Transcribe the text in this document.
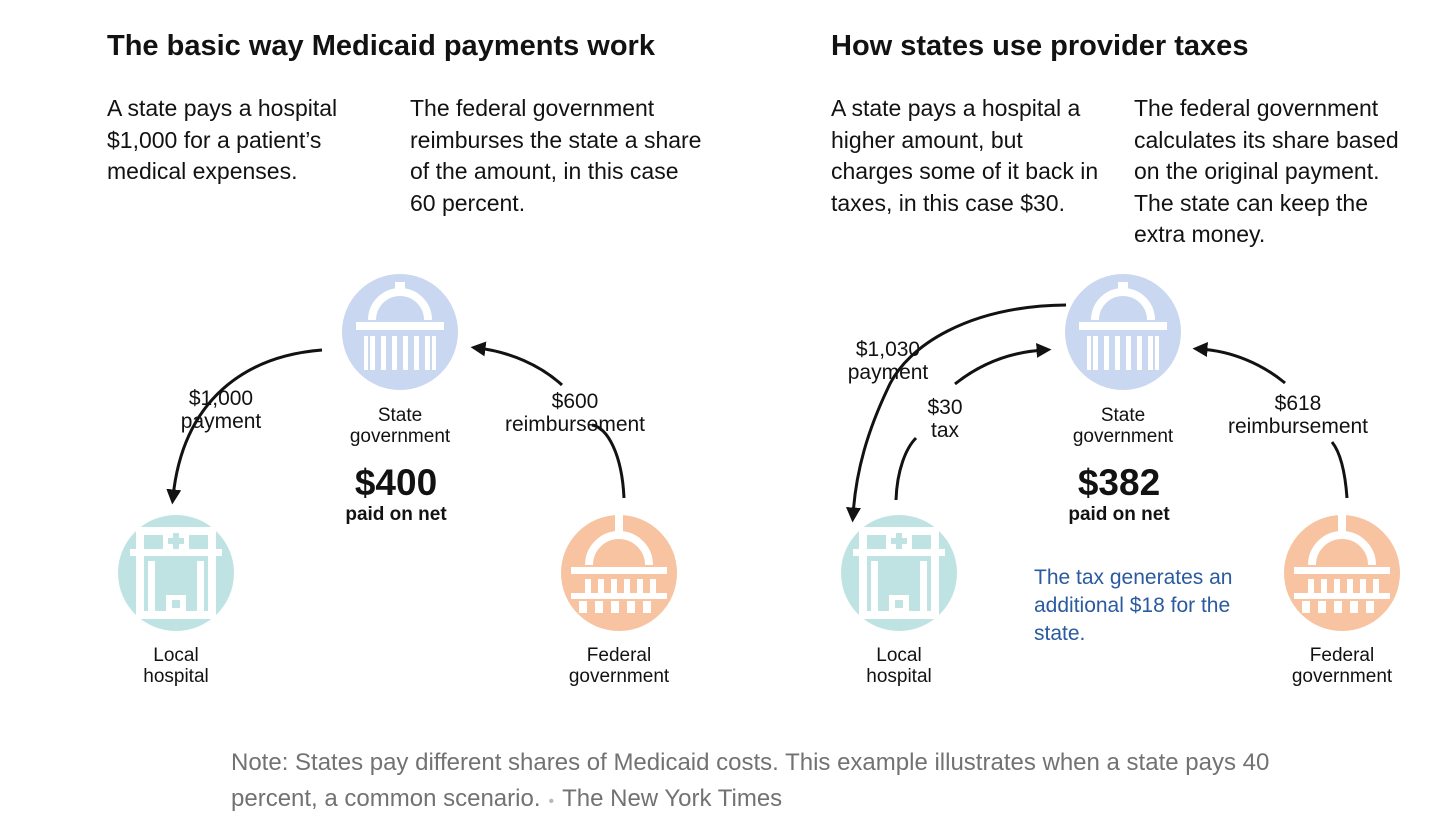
The basic way Medicaid payments work
A state pays a hospital $1,000 for a patient’s medical expenses.
The federal government reimburses the state a share of the amount, in this case 60 percent.
State
government
Local
hospital
Federal
government
$1,000
payment
$600
reimbursement
$400
paid on net
How states use provider taxes
A state pays a hospital a higher amount, but charges some of it back in taxes, in this case $30.
The federal government calculates its share based on the original payment. The state can keep the extra money.
State
government
Local
hospital
Federal
government
$1,030
payment
$30
tax
$618
reimbursement
$382
paid on net
The tax generates an additional $18 for the state.
Note: States pay different shares of Medicaid costs. This example illustrates when a state pays 40 percent, a common scenario. • The New York Times
